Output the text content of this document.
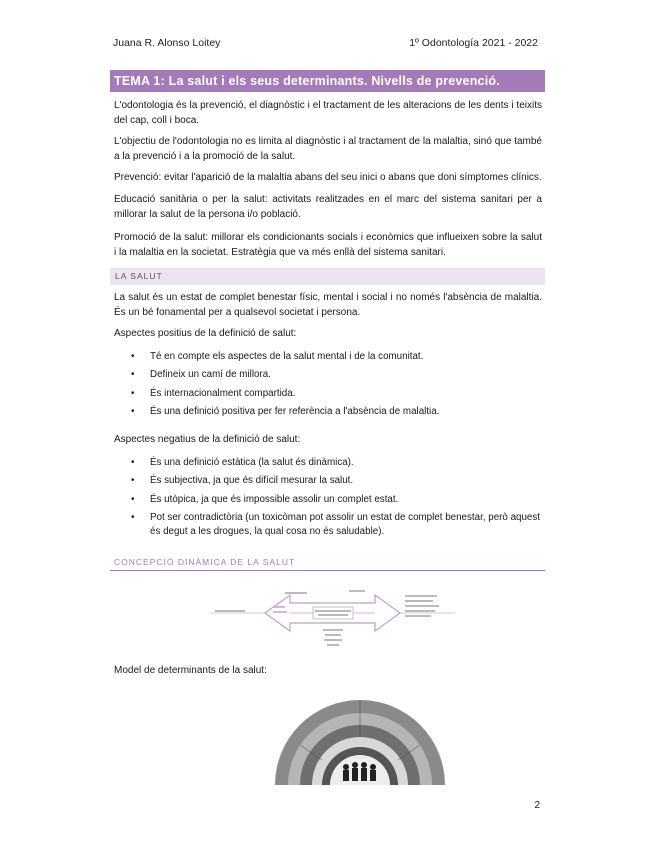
Juana R. Alonso Loitey	1º Odontología 2021 - 2022
TEMA 1: La salut i els seus determinants. Nivells de prevenció.

L'odontologia és la prevenció, el diagnòstic i el tractament de les alteracions de les dents i teixits del cap, coll i boca.

L'objectiu de l'odontologia no es limita al diagnòstic i al tractament de la malaltia, sinó que també a la prevenció i a la promoció de la salut.

Prevenció: evitar l'aparició de la malaltia abans del seu inici o abans que doni símptomes clínics.

Educació sanitària o per la salut: activitats realitzades en el marc del sistema sanitari per a millorar la salut de la persona i/o població.

Promoció de la salut: millorar els condicionants socials i econòmics que influeixen sobre la salut i la malaltia en la societat. Estratègia que va més enllà del sistema sanitari.

LA SALUT

La salut és un estat de complet benestar físic, mental i social i no només l'absència de malaltia. És un bé fonamental per a qualsevol societat i persona.

Aspectes positius de la definició de salut:

• Té en compte els aspectes de la salut mental i de la comunitat.
• Defineix un camí de millora.
• És internacionalment compartida.
• És una definició positiva per fer referència a l'absència de malaltia.

Aspectes negatius de la definició de salut:

• És una definició estàtica (la salut és dinàmica).
• És subjectiva, ja que és difícil mesurar la salut.
• És utòpica, ja que és impossible assolir un complet estat.
• Pot ser contradictòria (un toxicòman pot assolir un estat de complet benestar, però aquest és degut a les drogues, la qual cosa no és saludable).
CONCEPCIÓ DINÀMICA DE LA SALUT

Model de determinants de la salut:

2
